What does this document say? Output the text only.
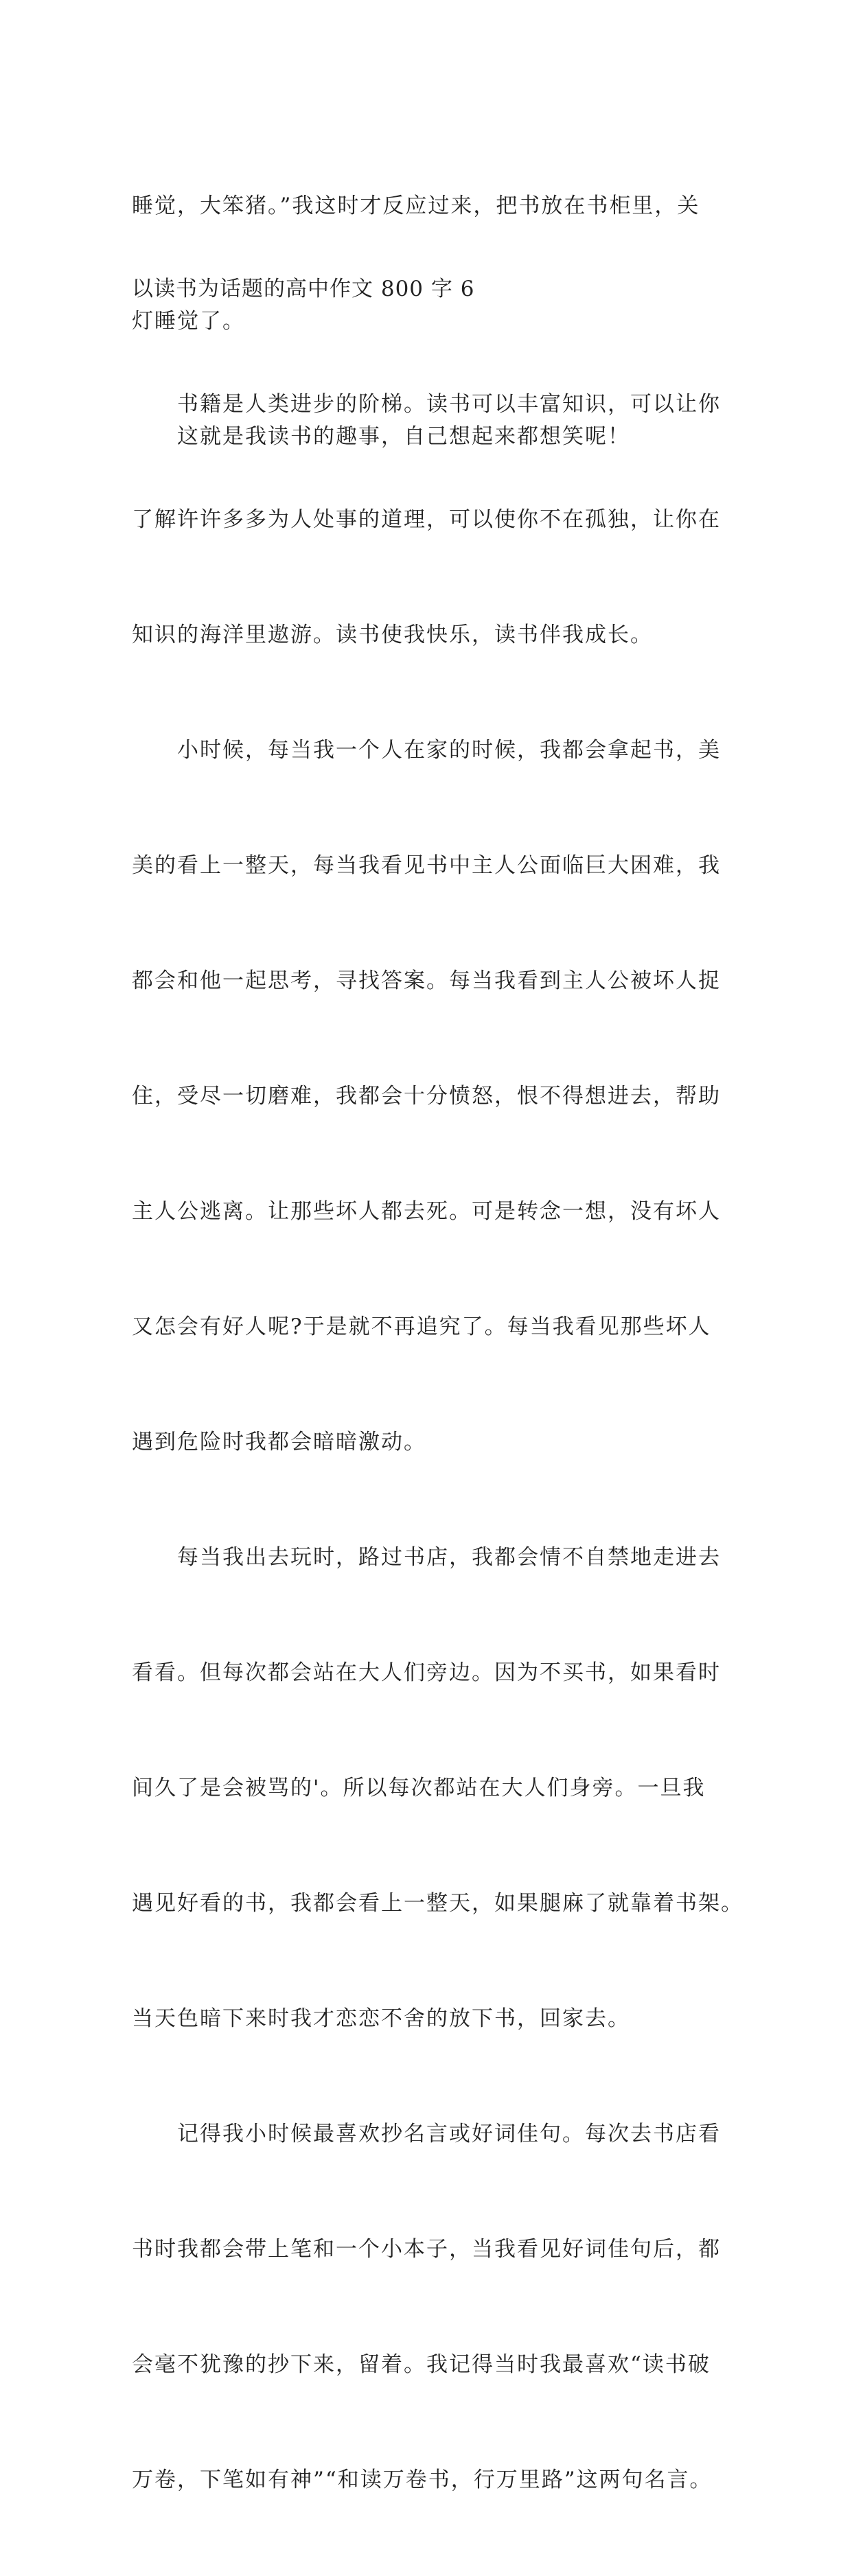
睡觉，大笨猪。”我这时才反应过来，把书放在书柜里，关

灯睡觉了。

　　这就是我读书的趣事，自己想起来都想笑呢！

以读书为话题的高中作文 800 字 6

　　书籍是人类进步的阶梯。读书可以丰富知识，可以让你

了解许许多多为人处事的道理，可以使你不在孤独，让你在

知识的海洋里遨游。读书使我快乐，读书伴我成长。

　　小时候，每当我一个人在家的时候，我都会拿起书，美

美的看上一整天，每当我看见书中主人公面临巨大困难，我

都会和他一起思考，寻找答案。每当我看到主人公被坏人捉

住，受尽一切磨难，我都会十分愤怒，恨不得想进去，帮助

主人公逃离。让那些坏人都去死。可是转念一想，没有坏人

又怎会有好人呢?于是就不再追究了。每当我看见那些坏人

遇到危险时我都会暗暗激动。

　　每当我出去玩时，路过书店，我都会情不自禁地走进去

看看。但每次都会站在大人们旁边。因为不买书，如果看时

间久了是会被骂的'。所以每次都站在大人们身旁。一旦我

遇见好看的书，我都会看上一整天，如果腿麻了就靠着书架。

当天色暗下来时我才恋恋不舍的放下书，回家去。

　　记得我小时候最喜欢抄名言或好词佳句。每次去书店看

书时我都会带上笔和一个小本子，当我看见好词佳句后，都

会毫不犹豫的抄下来，留着。我记得当时我最喜欢“读书破

万卷，下笔如有神”“和读万卷书，行万里路”这两句名言。
